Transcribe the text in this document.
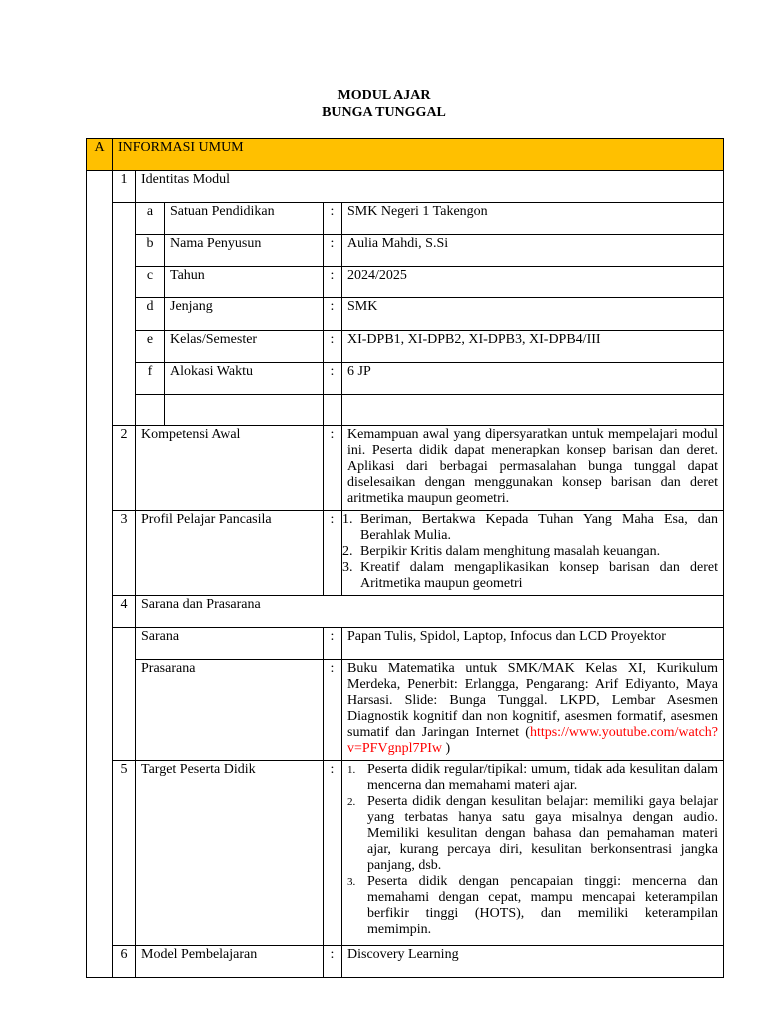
MODUL AJAR
BUNGA TUNGGAL
A INFORMASI UMUM
1 Identitas Modul
a	Satuan Pendidikan	: SMK Negeri 1 Takengon
b	Nama Penyusun	: Aulia Mahdi, S.Si
c	Tahun	: 2024/2025
d	Jenjang	: SMK
e	Kelas/Semester	: XI-DPB1, XI-DPB2, XI-DPB3, XI-DPB4/III
f	Alokasi Waktu	: 6 JP
2 Kompetensi Awal	: Kemampuan awal yang dipersyaratkan untuk mempelajari modul ini. Peserta didik dapat menerapkan konsep barisan dan deret. Aplikasi dari berbagai permasalahan bunga tunggal dapat diselesaikan dengan menggunakan konsep barisan dan deret aritmetika maupun geometri.
3 Profil Pelajar Pancasila	: 1. Beriman, Bertakwa Kepada Tuhan Yang Maha Esa, dan Berahlak Mulia.
2. Berpikir Kritis dalam menghitung masalah keuangan.
3. Kreatif dalam mengaplikasikan konsep barisan dan deret Aritmetika maupun geometri
4 Sarana dan Prasarana
Sarana	: Papan Tulis, Spidol, Laptop, Infocus dan LCD Proyektor
Prasarana	: Buku Matematika untuk SMK/MAK Kelas XI, Kurikulum Merdeka, Penerbit: Erlangga, Pengarang: Arif Ediyanto, Maya Harsasi. Slide: Bunga Tunggal. LKPD, Lembar Asesmen Diagnostik kognitif dan non kognitif, asesmen formatif, asesmen sumatif dan Jaringan Internet (https://www.youtube.com/watch?v=PFVgnpl7PIw )
5 Target Peserta Didik	:	1. Peserta didik regular/tipikal: umum, tidak ada kesulitan dalam mencerna dan memahami materi ajar.
2. Peserta didik dengan kesulitan belajar: memiliki gaya belajar yang terbatas hanya satu gaya misalnya dengan audio. Memiliki kesulitan dengan bahasa dan pemahaman materi ajar, kurang percaya diri, kesulitan berkonsentrasi jangka panjang, dsb.
3. Peserta didik dengan pencapaian tinggi: mencerna dan memahami dengan cepat, mampu mencapai keterampilan berfikir tinggi (HOTS), dan memiliki keterampilan memimpin.
6 Model Pembelajaran	: Discovery Learning
